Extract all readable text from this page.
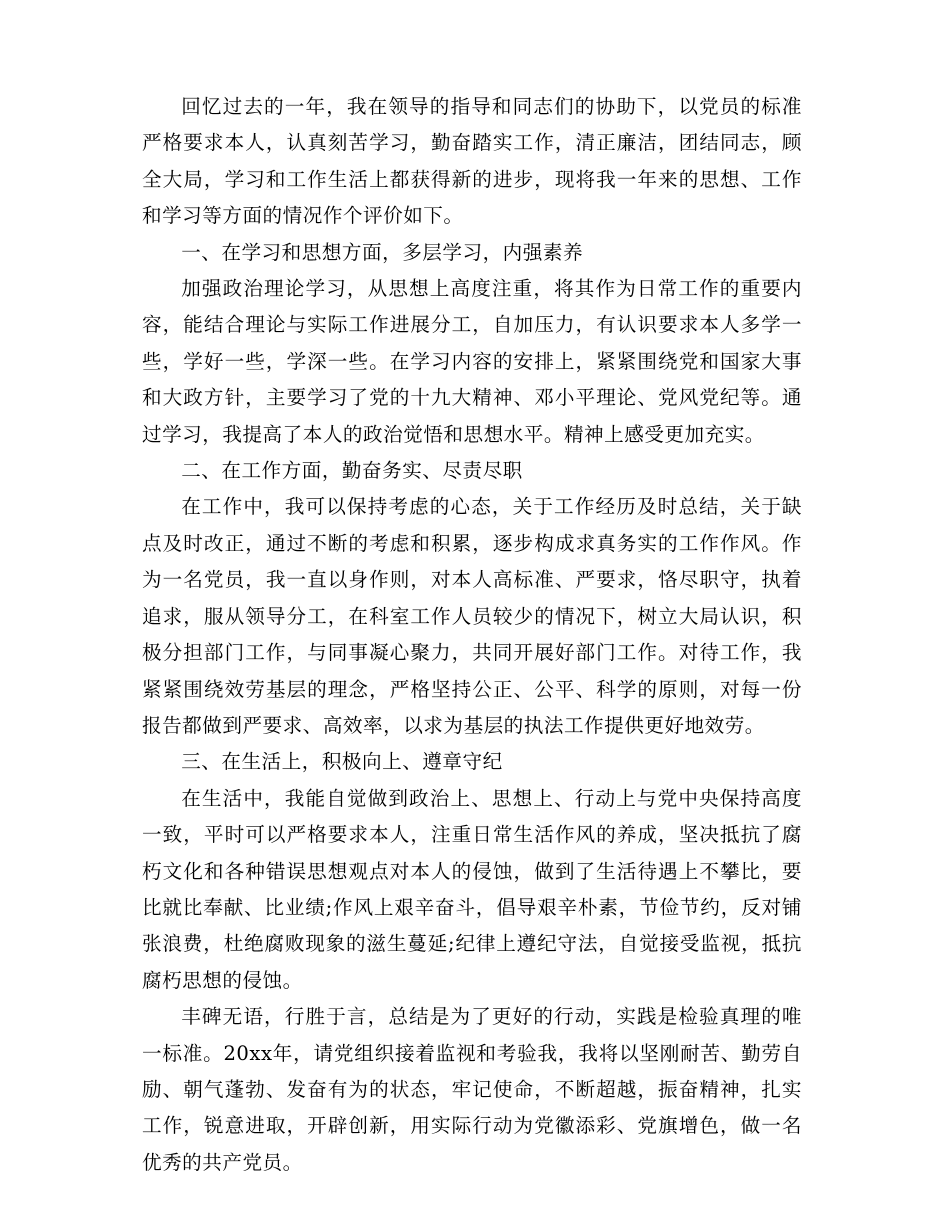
回忆过去的一年，我在领导的指导和同志们的协助下，以党员的标准严格要求本人，认真刻苦学习，勤奋踏实工作，清正廉洁，团结同志，顾全大局，学习和工作生活上都获得新的进步，现将我一年来的思想、工作和学习等方面的情况作个评价如下。

一、在学习和思想方面，多层学习，内强素养

加强政治理论学习，从思想上高度注重，将其作为日常工作的重要内容，能结合理论与实际工作进展分工，自加压力，有认识要求本人多学一些，学好一些，学深一些。在学习内容的安排上，紧紧围绕党和国家大事和大政方针，主要学习了党的十九大精神、邓小平理论、党风党纪等。通过学习，我提高了本人的政治觉悟和思想水平。精神上感受更加充实。

二、在工作方面，勤奋务实、尽责尽职

在工作中，我可以保持考虑的心态，关于工作经历及时总结，关于缺点及时改正，通过不断的考虑和积累，逐步构成求真务实的工作作风。作为一名党员，我一直以身作则，对本人高标准、严要求，恪尽职守，执着追求，服从领导分工，在科室工作人员较少的情况下，树立大局认识，积极分担部门工作，与同事凝心聚力，共同开展好部门工作。对待工作，我紧紧围绕效劳基层的理念，严格坚持公正、公平、科学的原则，对每一份报告都做到严要求、高效率，以求为基层的执法工作提供更好地效劳。

三、在生活上，积极向上、遵章守纪

在生活中，我能自觉做到政治上、思想上、行动上与党中央保持高度一致，平时可以严格要求本人，注重日常生活作风的养成，坚决抵抗了腐朽文化和各种错误思想观点对本人的侵蚀，做到了生活待遇上不攀比，要比就比奉献、比业绩;作风上艰辛奋斗，倡导艰辛朴素，节俭节约，反对铺张浪费，杜绝腐败现象的滋生蔓延;纪律上遵纪守法，自觉接受监视，抵抗腐朽思想的侵蚀。

丰碑无语，行胜于言，总结是为了更好的行动，实践是检验真理的唯一标准。20xx年，请党组织接着监视和考验我，我将以坚刚耐苦、勤劳自励、朝气蓬勃、发奋有为的状态，牢记使命，不断超越，振奋精神，扎实工作，锐意进取，开辟创新，用实际行动为党徽添彩、党旗增色，做一名优秀的共产党员。
